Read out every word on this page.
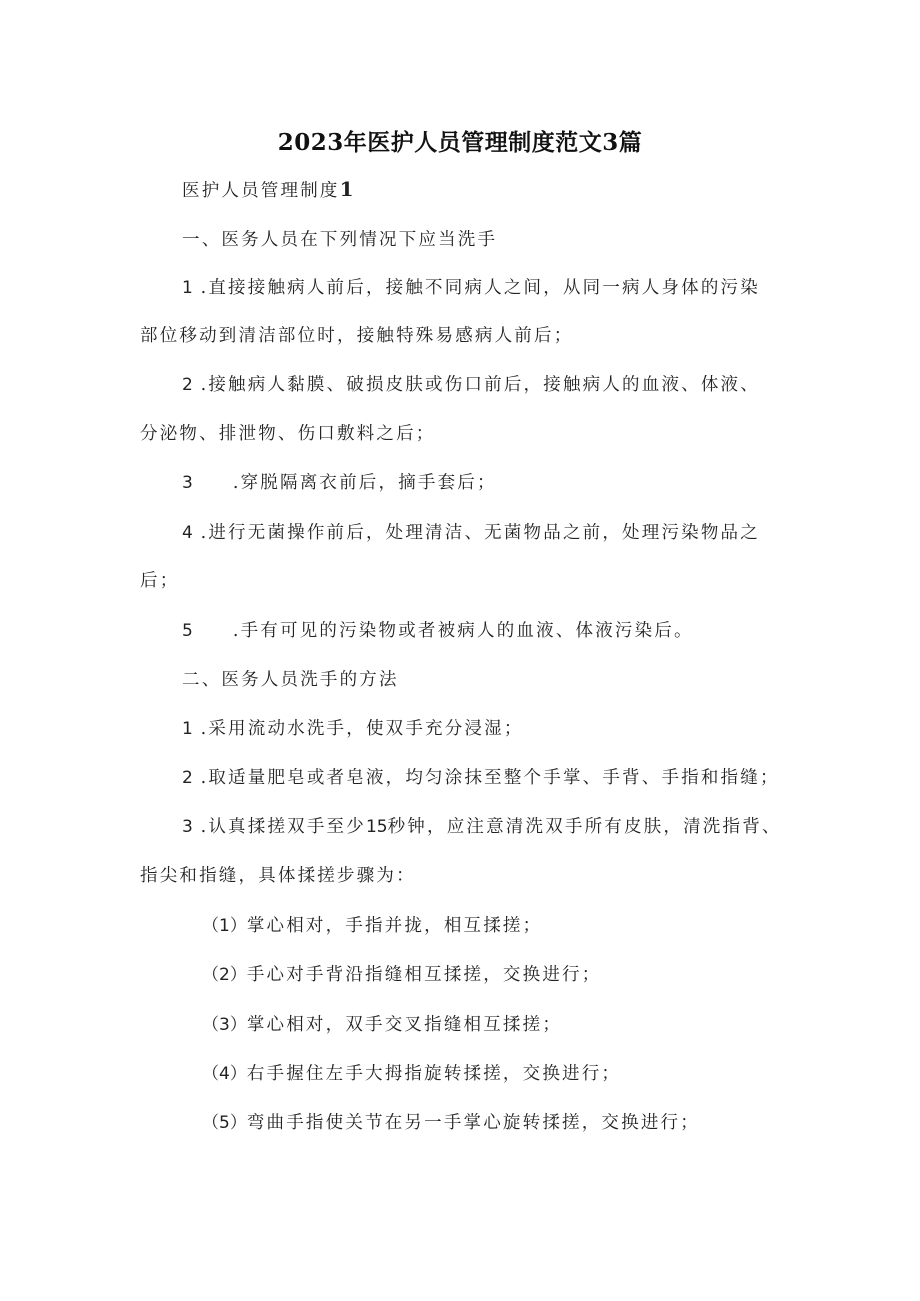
2023年医护人员管理制度范文3篇
医护人员管理制度1
一、医务人员在下列情况下应当洗手
1 .直接接触病人前后，接触不同病人之间，从同一病人身体的污染
部位移动到清洁部位时，接触特殊易感病人前后；
2 .接触病人黏膜、破损皮肤或伤口前后，接触病人的血液、体液、
分泌物、排泄物、伤口敷料之后；
3 .穿脱隔离衣前后，摘手套后；
4 .进行无菌操作前后，处理清洁、无菌物品之前，处理污染物品之
后；
5 .手有可见的污染物或者被病人的血液、体液污染后。
二、医务人员洗手的方法
1 .采用流动水洗手，使双手充分浸湿；
2 .取适量肥皂或者皂液，均匀涂抹至整个手掌、手背、手指和指缝；
3 .认真揉搓双手至少15秒钟，应注意清洗双手所有皮肤，清洗指背、
指尖和指缝，具体揉搓步骤为：
（1）掌心相对，手指并拢，相互揉搓；
（2）手心对手背沿指缝相互揉搓，交换进行；
（3）掌心相对，双手交叉指缝相互揉搓；
（4）右手握住左手大拇指旋转揉搓，交换进行；
（5）弯曲手指使关节在另一手掌心旋转揉搓，交换进行；
